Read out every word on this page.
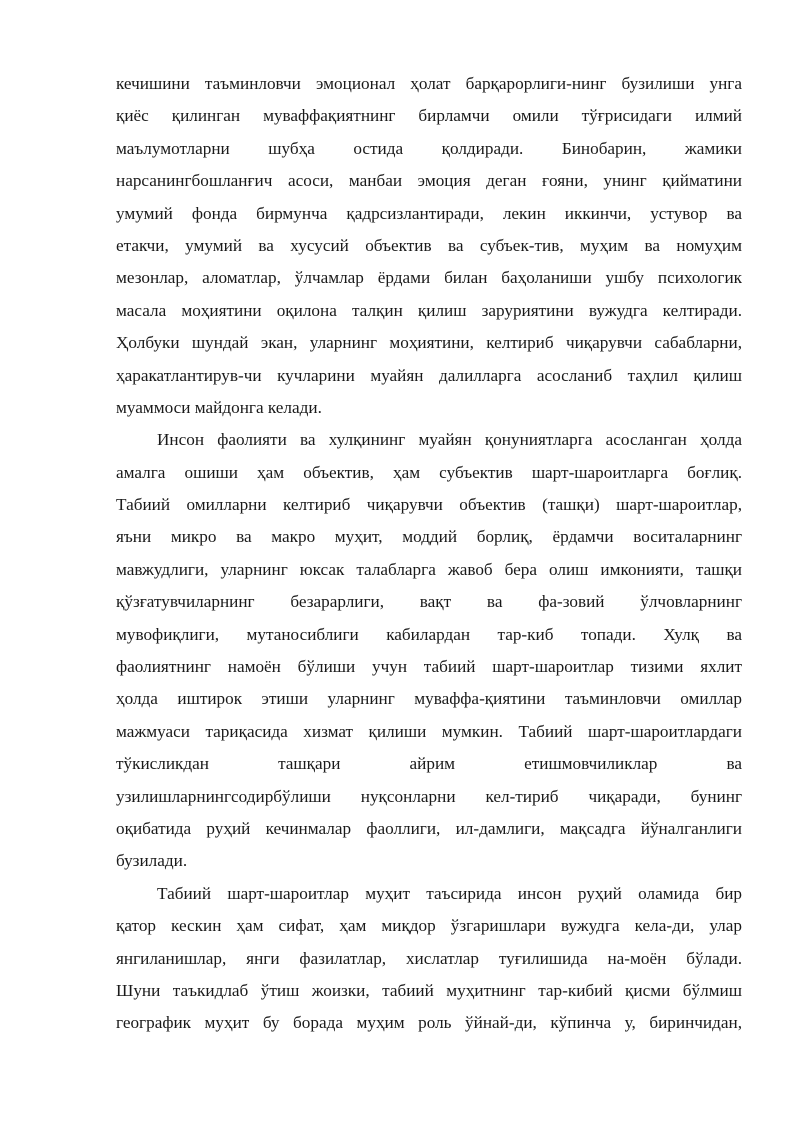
кечишини таъминловчи эмоционал ҳолат барқарорлиги-нинг бузилиши унга
қиёс қилинган муваффақиятнинг бирламчи омили тўғрисидаги илмий
маълумотларни шубҳа остида қолдиради. Бинобарин, жамики
нарсанингбошланғич асоси, манбаи эмоция деган ғояни, унинг қийматини
умумий фонда бирмунча қадрсизлантиради, лекин иккинчи, устувор ва
етакчи, умумий ва хусусий объектив ва субъек-тив, муҳим ва номуҳим
мезонлар, аломатлар, ўлчамлар ёрдами билан баҳоланиши ушбу психологик
масала моҳиятини оқилона талқин қилиш заруриятини вужудга келтиради.
Ҳолбуки шундай экан, уларнинг моҳиятини, келтириб чиқарувчи сабабларни,
ҳаракатлантирув-чи кучларини муайян далилларга асосланиб таҳлил қилиш
муаммоси майдонга келади.
Инсон фаолияти ва хулқининг муайян қонуниятларга асосланган ҳолда
амалга ошиши ҳам объектив, ҳам субъектив шарт-шароитларга боғлиқ.
Табиий омилларни келтириб чиқарувчи объектив (ташқи) шарт-шароитлар,
яъни микро ва макро муҳит, моддий борлиқ, ёрдамчи воситаларнинг
мавжудлиги, уларнинг юксак талабларга жавоб бера олиш имконияти, ташқи
қўзғатувчиларнинг безарарлиги, вақт ва фа-зовий ўлчовларнинг
мувофиқлиги, мутаносиблиги кабилардан тар-киб топади. Хулқ ва
фаолиятнинг намоён бўлиши учун табиий шарт-шароитлар тизими яхлит
ҳолда иштирок этиши уларнинг муваффа-қиятини таъминловчи омиллар
мажмуаси тариқасида хизмат қилиши мумкин. Табиий шарт-шароитлардаги
тўкисликдан ташқари айрим етишмовчиликлар ва
узилишларнингсодирбўлиши нуқсонларни кел-тириб чиқаради, бунинг
оқибатида руҳий кечинмалар фаоллиги, ил-дамлиги, мақсадга йўналганлиги
бузилади.
Табиий шарт-шароитлар муҳит таъсирида инсон руҳий оламида бир
қатор кескин ҳам сифат, ҳам миқдор ўзгаришлари вужудга кела-ди, улар
янгиланишлар, янги фазилатлар, хислатлар туғилишида на-моён бўлади.
Шуни таъкидлаб ўтиш жоизки, табиий муҳитнинг тар-кибий қисми бўлмиш
географик муҳит бу борада муҳим роль ўйнай-ди, кўпинча у, биринчидан,
